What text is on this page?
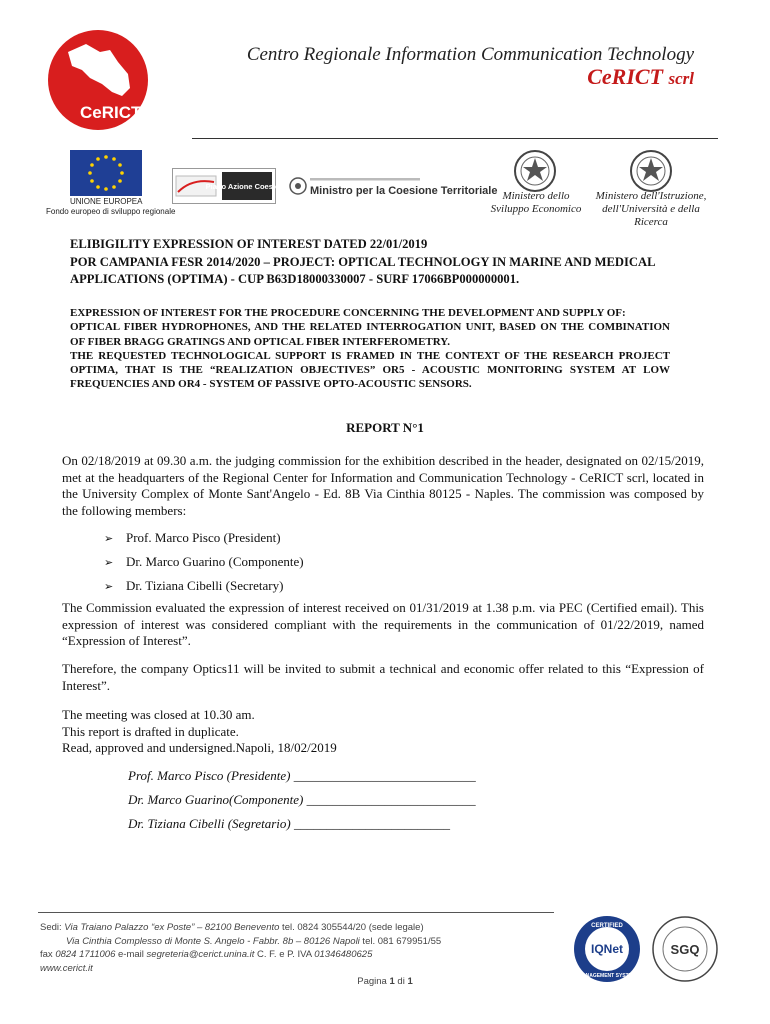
CeRICT
Centro Regionale Information Communication Technology
CeRICT scrl
UNIONE EUROPEA
Fondo europeo di sviluppo regionale
Piano Azione Coesione Ministro per la Coesione Territoriale Ministero dello
Sviluppo Economico
Ministero dell'Istruzione,
dell'Università e della Ricerca
ELIBIGILITY EXPRESSION OF INTEREST DATED 22/01/2019
POR CAMPANIA FESR 2014/2020 – PROJECT: OPTICAL TECHNOLOGY IN MARINE AND MEDICAL APPLICATIONS (OPTIMA) - CUP B63D18000330007 - SURF 17066BP000000001.
EXPRESSION OF INTEREST FOR THE PROCEDURE CONCERNING THE DEVELOPMENT AND SUPPLY OF:
OPTICAL FIBER HYDROPHONES, AND THE RELATED INTERROGATION UNIT, BASED ON THE COMBINATION OF FIBER BRAGG GRATINGS AND OPTICAL FIBER INTERFEROMETRY.
THE REQUESTED TECHNOLOGICAL SUPPORT IS FRAMED IN THE CONTEXT OF THE RESEARCH PROJECT OPTIMA, THAT IS THE “REALIZATION OBJECTIVES” OR5 - ACOUSTIC MONITORING SYSTEM AT LOW FREQUENCIES AND OR4 - SYSTEM OF PASSIVE OPTO-ACOUSTIC SENSORS.
REPORT N°1

On 02/18/2019 at 09.30 a.m. the judging commission for the exhibition described in the header, designated on 02/15/2019, met at the headquarters of the Regional Center for Information and Communication Technology - CeRICT scrl, located in the University Complex of Monte Sant'Angelo - Ed. 8B Via Cinthia 80125 - Naples. The commission was composed by the following members:

➢ Prof. Marco Pisco (President)
➢ Dr. Marco Guarino (Componente)
➢ Dr. Tiziana Cibelli (Secretary)

The Commission evaluated the expression of interest received on 01/31/2019 at 1.38 p.m. via PEC (Certified email). This expression of interest was considered compliant with the requirements in the communication of 01/22/2019, named “Expression of Interest”.

Therefore, the company Optics11 will be invited to submit a technical and economic offer related to this “Expression of Interest”.

The meeting was closed at 10.30 am.
This report is drafted in duplicate.
Read, approved and undersigned.Napoli, 18/02/2019
Prof. Marco Pisco (Presidente) ____________________________
Dr. Marco Guarino(Componente) __________________________
Dr. Tiziana Cibelli (Segretario) ________________________
Sedi: Via Traiano Palazzo “ex Poste” – 82100 Benevento tel. 0824 305544/20 (sede legale)
Via Cinthia Complesso di Monte S. Angelo - Fabbr. 8b – 80126 Napoli tel. 081 679951/55
fax 0824 1711006 e-mail segreteria@cerict.unina.it C. F. e P. IVA 01346480625
www.cerict.it
Pagina 1 di 1
CERTIFIED
IQNet
MANAGEMENT SYSTEM
SGQ
